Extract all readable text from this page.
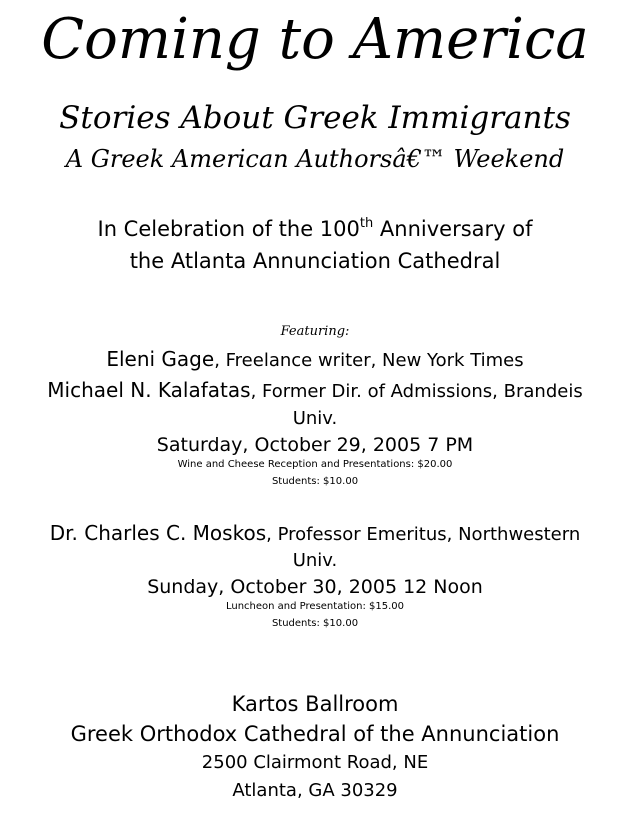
Coming to America
Stories About Greek Immigrants
A Greek American Authorsâ€™ Weekend
In Celebration of the 100th Anniversary of
the Atlanta Annunciation Cathedral
Featuring:
Eleni Gage, Freelance writer, New York Times
Michael N. Kalafatas, Former Dir. of Admissions, Brandeis
Univ.
Saturday, October 29, 2005 7 PM
Wine and Cheese Reception and Presentations: $20.00
Students: $10.00
Dr. Charles C. Moskos, Professor Emeritus, Northwestern
Univ.
Sunday, October 30, 2005 12 Noon
Luncheon and Presentation: $15.00
Students: $10.00
Kartos Ballroom
Greek Orthodox Cathedral of the Annunciation
2500 Clairmont Road, NE
Atlanta, GA 30329
